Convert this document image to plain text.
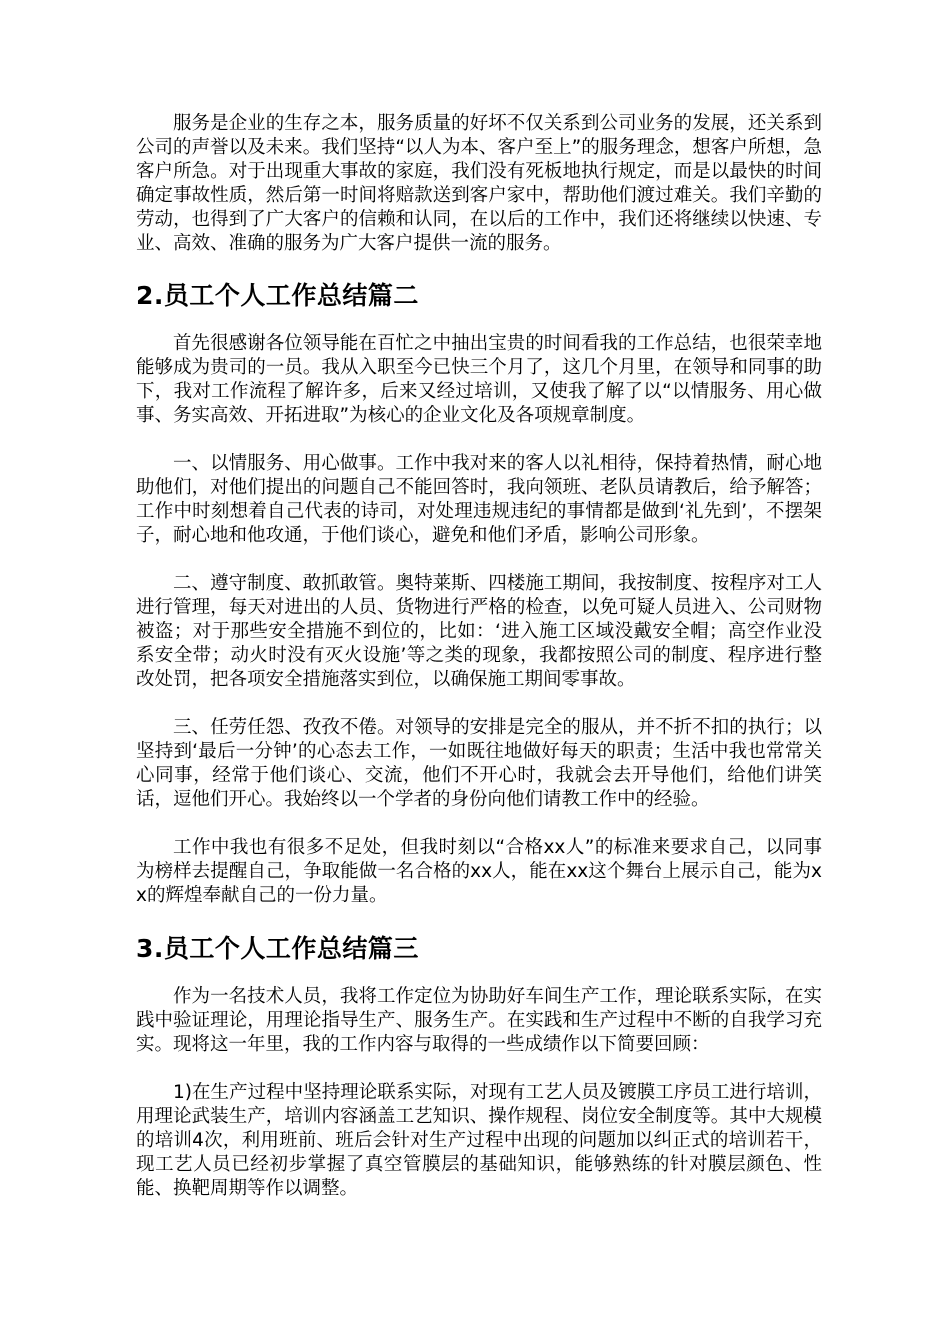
服务是企业的生存之本，服务质量的好坏不仅关系到公司业务的发展，还关系到公司的声誉以及未来。我们坚持“以人为本、客户至上”的服务理念，想客户所想，急客户所急。对于出现重大事故的家庭，我们没有死板地执行规定，而是以最快的时间确定事故性质，然后第一时间将赔款送到客户家中，帮助他们渡过难关。我们辛勤的劳动，也得到了广大客户的信赖和认同，在以后的工作中，我们还将继续以快速、专业、高效、准确的服务为广大客户提供一流的服务。

2.员工个人工作总结篇二

首先很感谢各位领导能在百忙之中抽出宝贵的时间看我的工作总结，也很荣幸地能够成为贵司的一员。我从入职至今已快三个月了，这几个月里，在领导和同事的助下，我对工作流程了解许多，后来又经过培训，又使我了解了以“以情服务、用心做事、务实高效、开拓进取”为核心的企业文化及各项规章制度。

一、以情服务、用心做事。工作中我对来的客人以礼相待，保持着热情，耐心地助他们，对他们提出的问题自己不能回答时，我向领班、老队员请教后，给予解答；工作中时刻想着自己代表的诗司，对处理违规违纪的事情都是做到‘礼先到’，不摆架子，耐心地和他攻通，于他们谈心，避免和他们矛盾，影响公司形象。

二、遵守制度、敢抓敢管。奥特莱斯、四楼施工期间，我按制度、按程序对工人进行管理，每天对进出的人员、货物进行严格的检查，以免可疑人员进入、公司财物被盗；对于那些安全措施不到位的，比如：‘进入施工区域没戴安全帽；高空作业没系安全带；动火时没有灭火设施’等之类的现象，我都按照公司的制度、程序进行整改处罚，把各项安全措施落实到位，以确保施工期间零事故。

三、任劳任怨、孜孜不倦。对领导的安排是完全的服从，并不折不扣的执行；以坚持到‘最后一分钟’的心态去工作，一如既往地做好每天的职责；生活中我也常常关心同事，经常于他们谈心、交流，他们不开心时，我就会去开导他们，给他们讲笑话，逗他们开心。我始终以一个学者的身份向他们请教工作中的经验。

工作中我也有很多不足处，但我时刻以“合格xx人”的标准来要求自己，以同事为榜样去提醒自己，争取能做一名合格的xx人，能在xx这个舞台上展示自己，能为xx的辉煌奉献自己的一份力量。

3.员工个人工作总结篇三

作为一名技术人员，我将工作定位为协助好车间生产工作，理论联系实际，在实践中验证理论，用理论指导生产、服务生产。在实践和生产过程中不断的自我学习充实。现将这一年里，我的工作内容与取得的一些成绩作以下简要回顾：

1)在生产过程中坚持理论联系实际，对现有工艺人员及镀膜工序员工进行培训，用理论武装生产，培训内容涵盖工艺知识、操作规程、岗位安全制度等。其中大规模的培训4次，利用班前、班后会针对生产过程中出现的问题加以纠正式的培训若干，现工艺人员已经初步掌握了真空管膜层的基础知识，能够熟练的针对膜层颜色、性能、换靶周期等作以调整。
